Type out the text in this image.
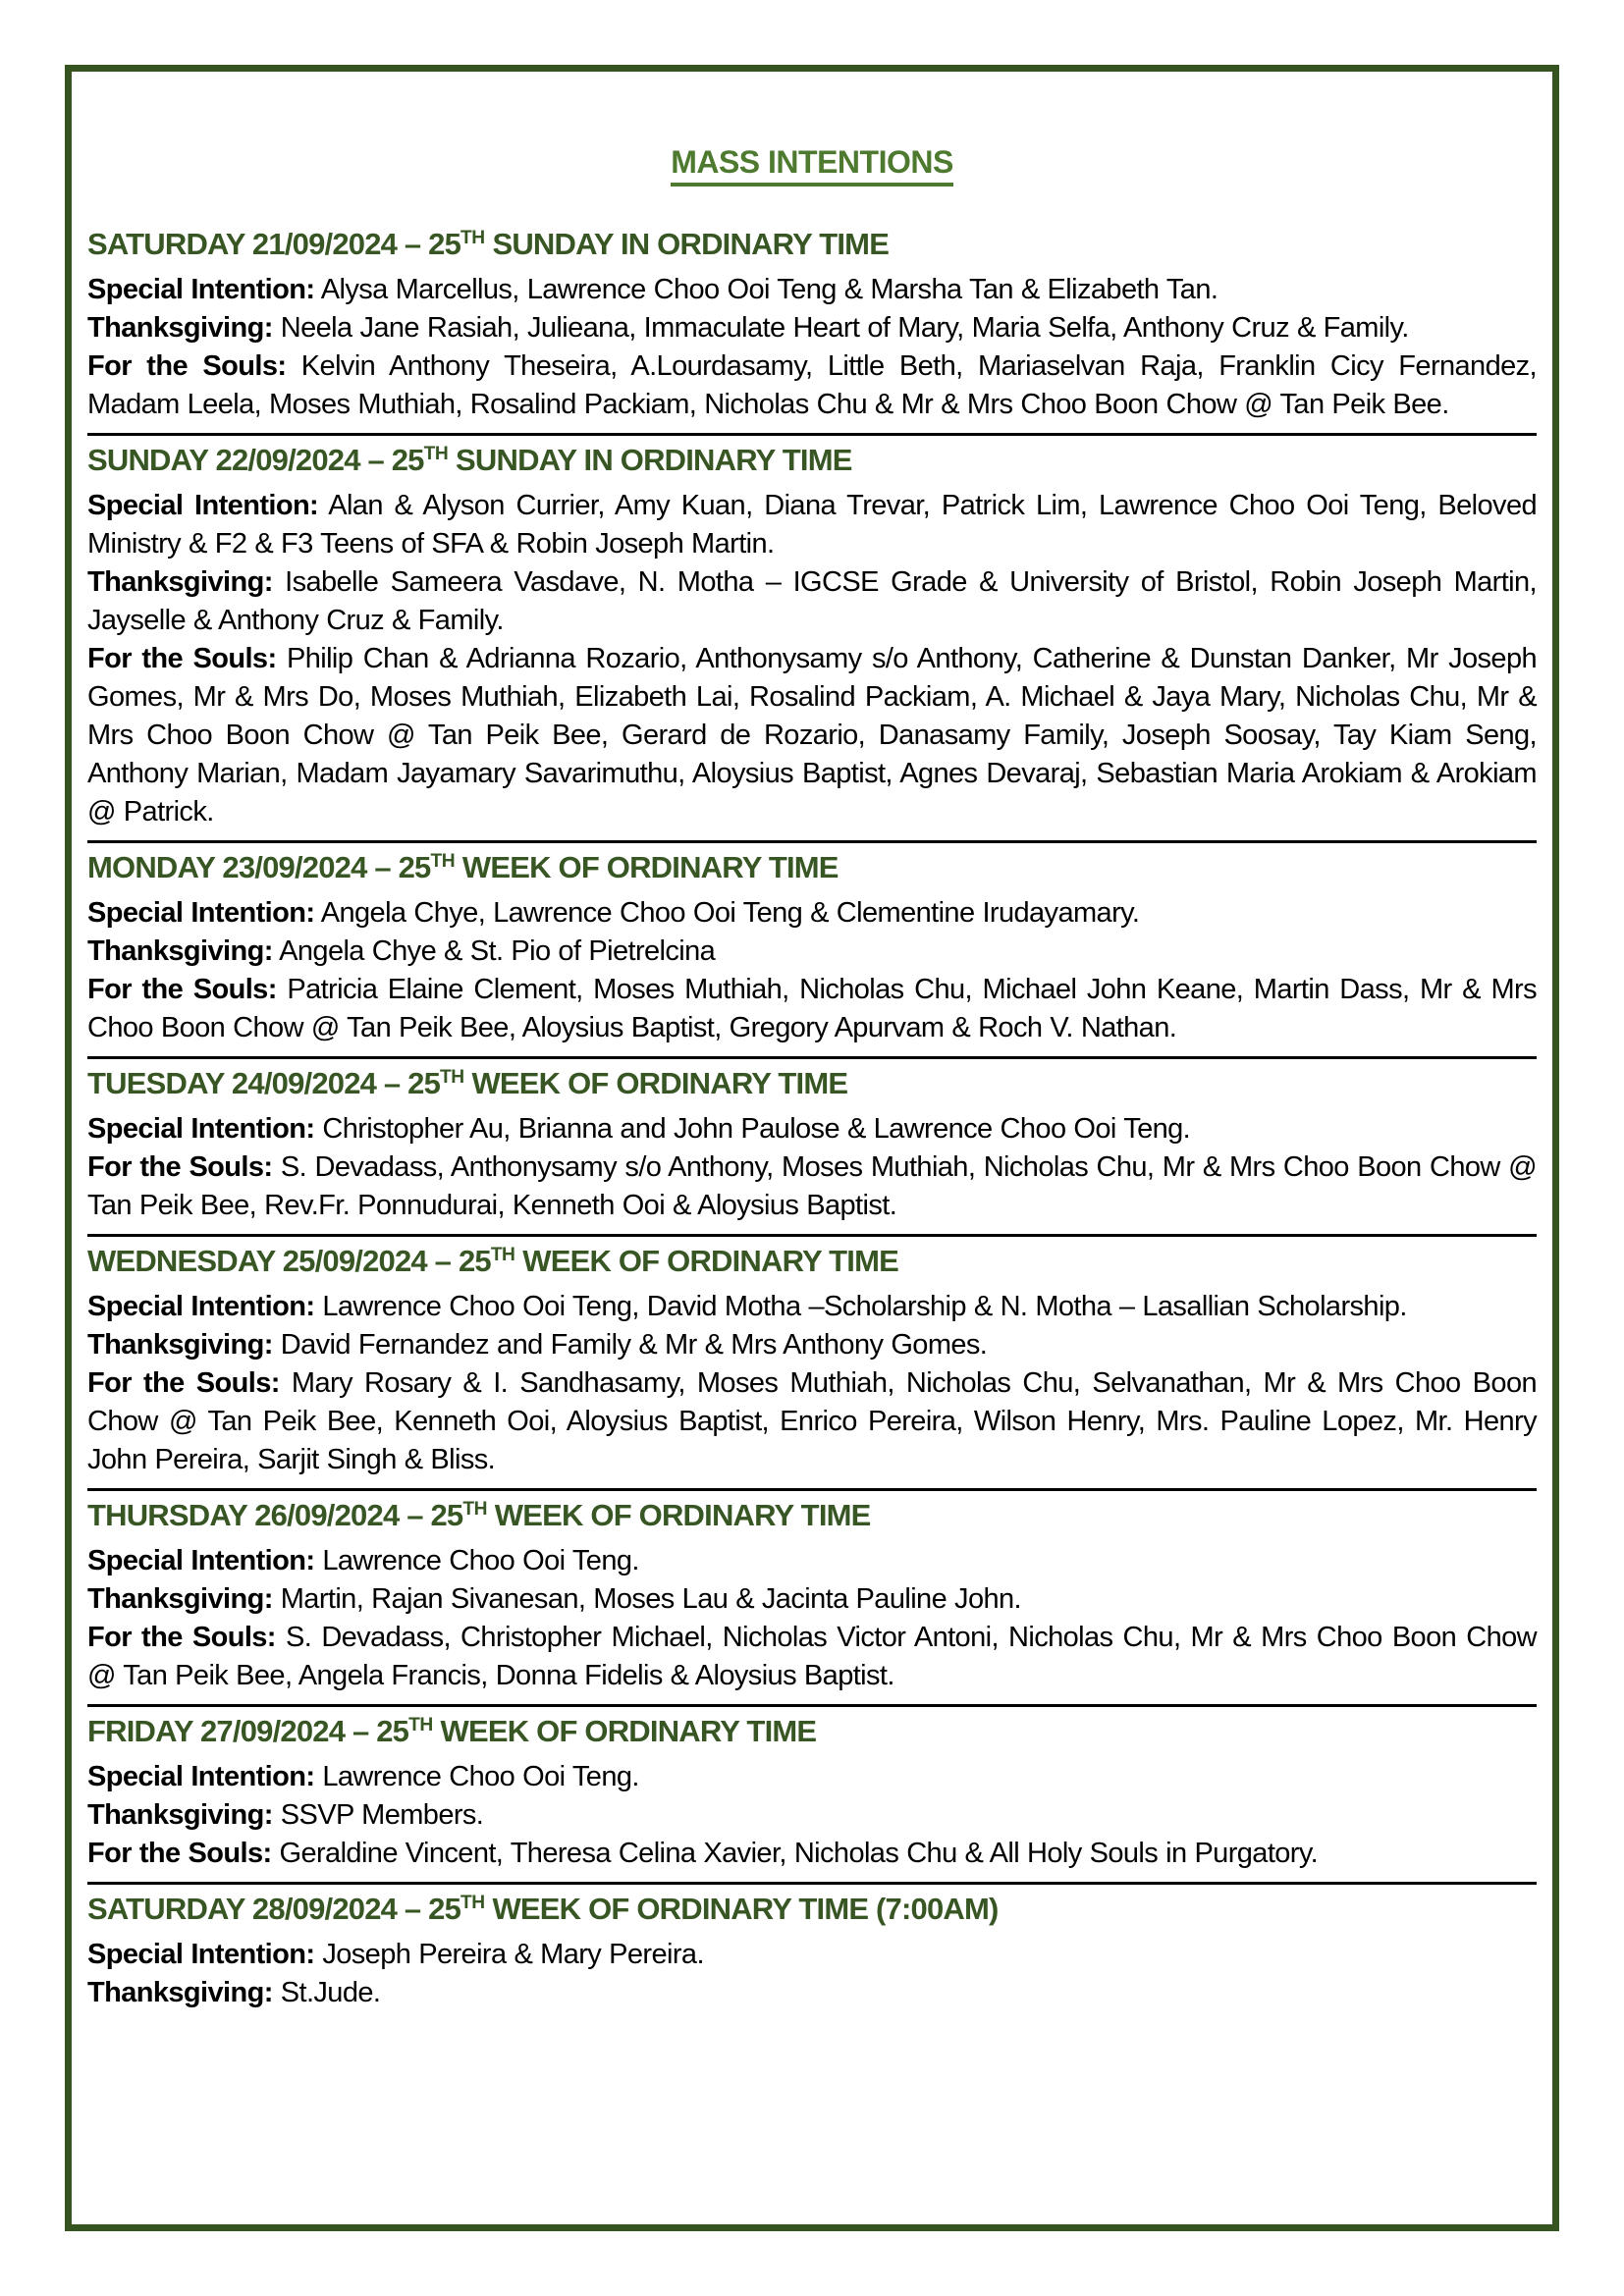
MASS INTENTIONS
SATURDAY 21/09/2024 – 25TH SUNDAY IN ORDINARY TIME

Special Intention: Alysa Marcellus, Lawrence Choo Ooi Teng & Marsha Tan & Elizabeth Tan.

Thanksgiving: Neela Jane Rasiah, Julieana, Immaculate Heart of Mary, Maria Selfa, Anthony Cruz & Family.

For the Souls: Kelvin Anthony Theseira, A.Lourdasamy, Little Beth, Mariaselvan Raja, Franklin Cicy Fernandez, Madam Leela, Moses Muthiah, Rosalind Packiam, Nicholas Chu & Mr & Mrs Choo Boon Chow @ Tan Peik Bee.

SUNDAY 22/09/2024 – 25TH SUNDAY IN ORDINARY TIME

Special Intention: Alan & Alyson Currier, Amy Kuan, Diana Trevar, Patrick Lim, Lawrence Choo Ooi Teng, Beloved Ministry & F2 & F3 Teens of SFA & Robin Joseph Martin.

Thanksgiving: Isabelle Sameera Vasdave, N. Motha – IGCSE Grade & University of Bristol, Robin Joseph Martin, Jayselle & Anthony Cruz & Family.

For the Souls: Philip Chan & Adrianna Rozario, Anthonysamy s/o Anthony, Catherine & Dunstan Danker, Mr Joseph Gomes, Mr & Mrs Do, Moses Muthiah, Elizabeth Lai, Rosalind Packiam, A. Michael & Jaya Mary, Nicholas Chu, Mr & Mrs Choo Boon Chow @ Tan Peik Bee, Gerard de Rozario, Danasamy Family, Joseph Soosay, Tay Kiam Seng, Anthony Marian, Madam Jayamary Savarimuthu, Aloysius Baptist, Agnes Devaraj, Sebastian Maria Arokiam & Arokiam @ Patrick.

MONDAY 23/09/2024 – 25TH WEEK OF ORDINARY TIME

Special Intention: Angela Chye, Lawrence Choo Ooi Teng & Clementine Irudayamary.

Thanksgiving: Angela Chye & St. Pio of Pietrelcina

For the Souls: Patricia Elaine Clement, Moses Muthiah, Nicholas Chu, Michael John Keane, Martin Dass, Mr & Mrs Choo Boon Chow @ Tan Peik Bee, Aloysius Baptist, Gregory Apurvam & Roch V. Nathan.

TUESDAY 24/09/2024 – 25TH WEEK OF ORDINARY TIME

Special Intention: Christopher Au, Brianna and John Paulose & Lawrence Choo Ooi Teng.

For the Souls: S. Devadass, Anthonysamy s/o Anthony, Moses Muthiah, Nicholas Chu, Mr & Mrs Choo Boon Chow @ Tan Peik Bee, Rev.Fr. Ponnudurai, Kenneth Ooi & Aloysius Baptist.

WEDNESDAY 25/09/2024 – 25TH WEEK OF ORDINARY TIME

Special Intention: Lawrence Choo Ooi Teng, David Motha –Scholarship & N. Motha – Lasallian Scholarship.

Thanksgiving: David Fernandez and Family & Mr & Mrs Anthony Gomes.

For the Souls: Mary Rosary & I. Sandhasamy, Moses Muthiah, Nicholas Chu, Selvanathan, Mr & Mrs Choo Boon Chow @ Tan Peik Bee, Kenneth Ooi, Aloysius Baptist, Enrico Pereira, Wilson Henry, Mrs. Pauline Lopez, Mr. Henry John Pereira, Sarjit Singh & Bliss.

THURSDAY 26/09/2024 – 25TH WEEK OF ORDINARY TIME

Special Intention: Lawrence Choo Ooi Teng.

Thanksgiving: Martin, Rajan Sivanesan, Moses Lau & Jacinta Pauline John.

For the Souls: S. Devadass, Christopher Michael, Nicholas Victor Antoni, Nicholas Chu, Mr & Mrs Choo Boon Chow @ Tan Peik Bee, Angela Francis, Donna Fidelis & Aloysius Baptist.

FRIDAY 27/09/2024 – 25TH WEEK OF ORDINARY TIME

Special Intention: Lawrence Choo Ooi Teng.

Thanksgiving: SSVP Members.

For the Souls: Geraldine Vincent, Theresa Celina Xavier, Nicholas Chu & All Holy Souls in Purgatory.

SATURDAY 28/09/2024 – 25TH WEEK OF ORDINARY TIME (7:00AM)

Special Intention: Joseph Pereira & Mary Pereira.

Thanksgiving: St.Jude.
